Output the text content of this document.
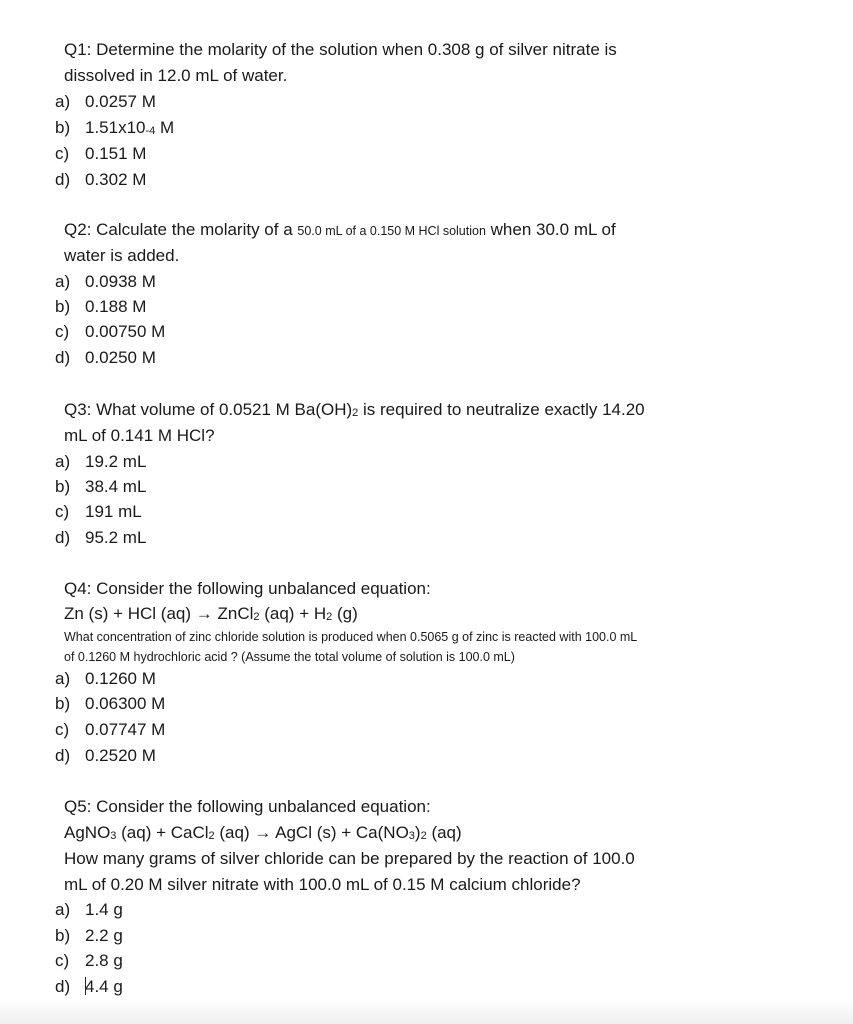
Q1: Determine the molarity of the solution when 0.308 g of silver nitrate is
dissolved in 12.0 mL of water.
a) 0.0257 M
b) $1.51x10_{-4}$ M
c) 0.151 M
d) 0.302 M
Q2: Calculate the molarity of a 50.0 mL of a 0.150 M HCl solution when 30.0 mL of
water is added.
a) 0.0938 M
b) 0.188 M
c) 0.00750 M
d) 0.0250 M
Q3: What volume of 0.0521 M $Ba(OH)_2$ is required to neutralize exactly 14.20
mL of 0.141 M HCl?
a) 19.2 mL
b) 38.4 mL
c) 191 mL
d) 95.2 mL
Q4: Consider the following unbalanced equation:
Zn (s) + HCl (aq) → ZnCl$_2$ $(aq) + H_2$ (g)
What concentration of zinc chloride solution is produced when 0.5065 g of zinc is reacted with 100.0 mL
of 0.1260 M hydrochloric acid ? (Assume the total volume of solution is 100.0 mL)
a) 0.1260 M
b) 0.06300 M
c) 0.07747 M
d) 0.2520 M
Q5: Consider the following unbalanced equation:
AgNO$_3$ (aq) + CaCl$_2$ (aq) → AgCl $(s) + Ca(NO_3)_2$ (aq)
How many grams of silver chloride can be prepared by the reaction of 100.0
mL of 0.20 M silver nitrate with 100.0 mL of 0.15 M calcium chloride?
a) 1.4 g
b) 2.2 g
c) 2.8 g
d) 4.4 g
